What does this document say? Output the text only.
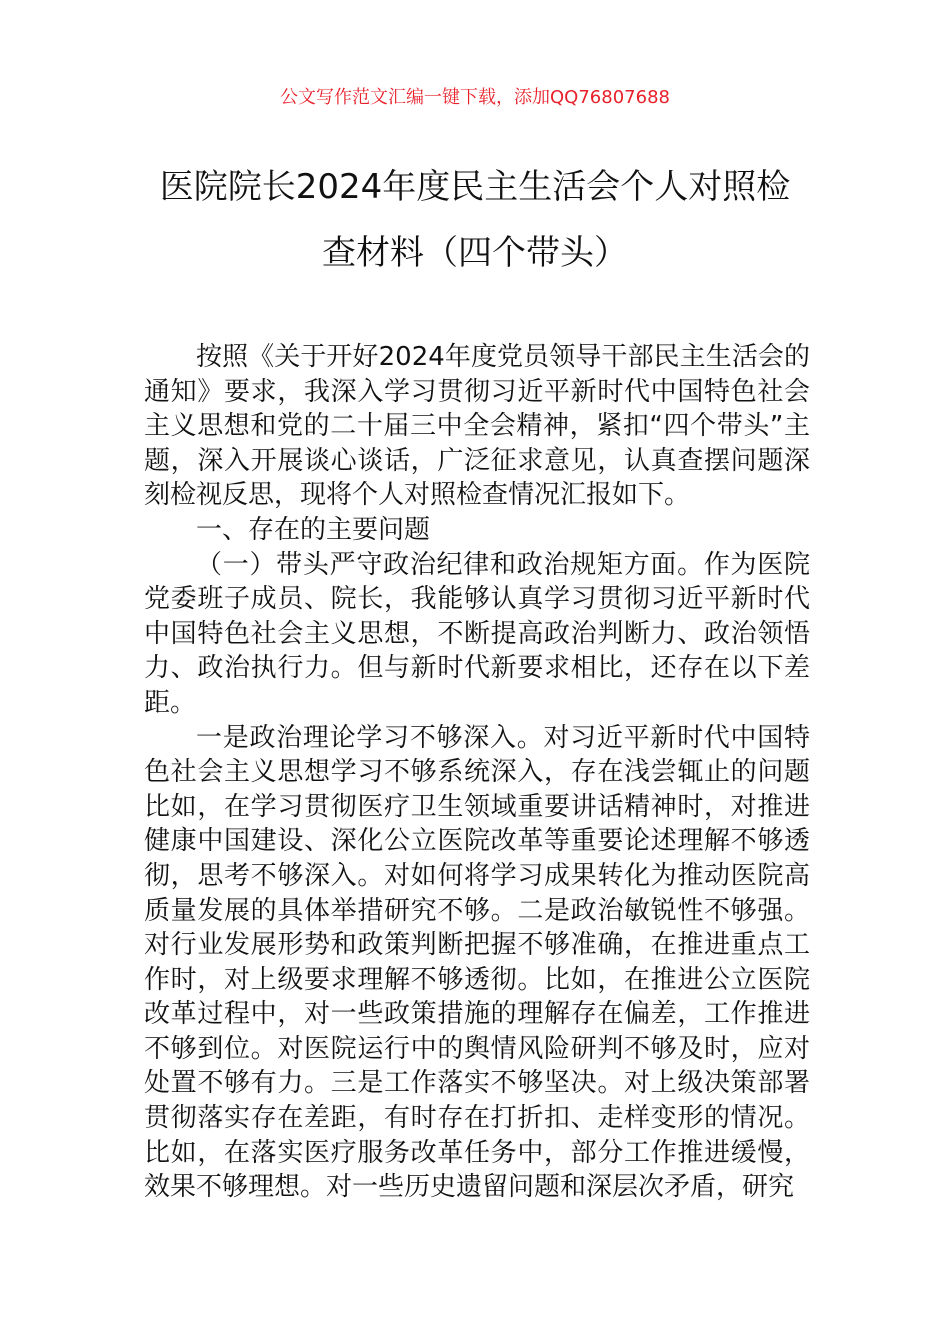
公文写作范文汇编一键下载，添加QQ76807688
医院院长2024年度民主生活会个人对照检
查材料（四个带头）

按照《关于开好2024年度党员领导干部民主生活会的通知》要求，我深入学习贯彻习近平新时代中国特色社会主义思想和党的二十届三中全会精神，紧扣“四个带头”主题，深入开展谈心谈话，广泛征求意见，认真查摆问题深刻检视反思，现将个人对照检查情况汇报如下。

一、存在的主要问题

（一）带头严守政治纪律和政治规矩方面。作为医院党委班子成员、院长，我能够认真学习贯彻习近平新时代中国特色社会主义思想，不断提高政治判断力、政治领悟力、政治执行力。但与新时代新要求相比，还存在以下差距。

一是政治理论学习不够深入。对习近平新时代中国特色社会主义思想学习不够系统深入，存在浅尝辄止的问题比如，在学习贯彻医疗卫生领域重要讲话精神时，对推进健康中国建设、深化公立医院改革等重要论述理解不够透彻，思考不够深入。对如何将学习成果转化为推动医院高质量发展的具体举措研究不够。二是政治敏锐性不够强。对行业发展形势和政策判断把握不够准确，在推进重点工作时，对上级要求理解不够透彻。比如，在推进公立医院改革过程中，对一些政策措施的理解存在偏差，工作推进不够到位。对医院运行中的舆情风险研判不够及时，应对处置不够有力。三是工作落实不够坚决。对上级决策部署贯彻落实存在差距，有时存在打折扣、走样变形的情况。比如，在落实医疗服务改革任务中，部分工作推进缓慢，效果不够理想。对一些历史遗留问题和深层次矛盾，研究
